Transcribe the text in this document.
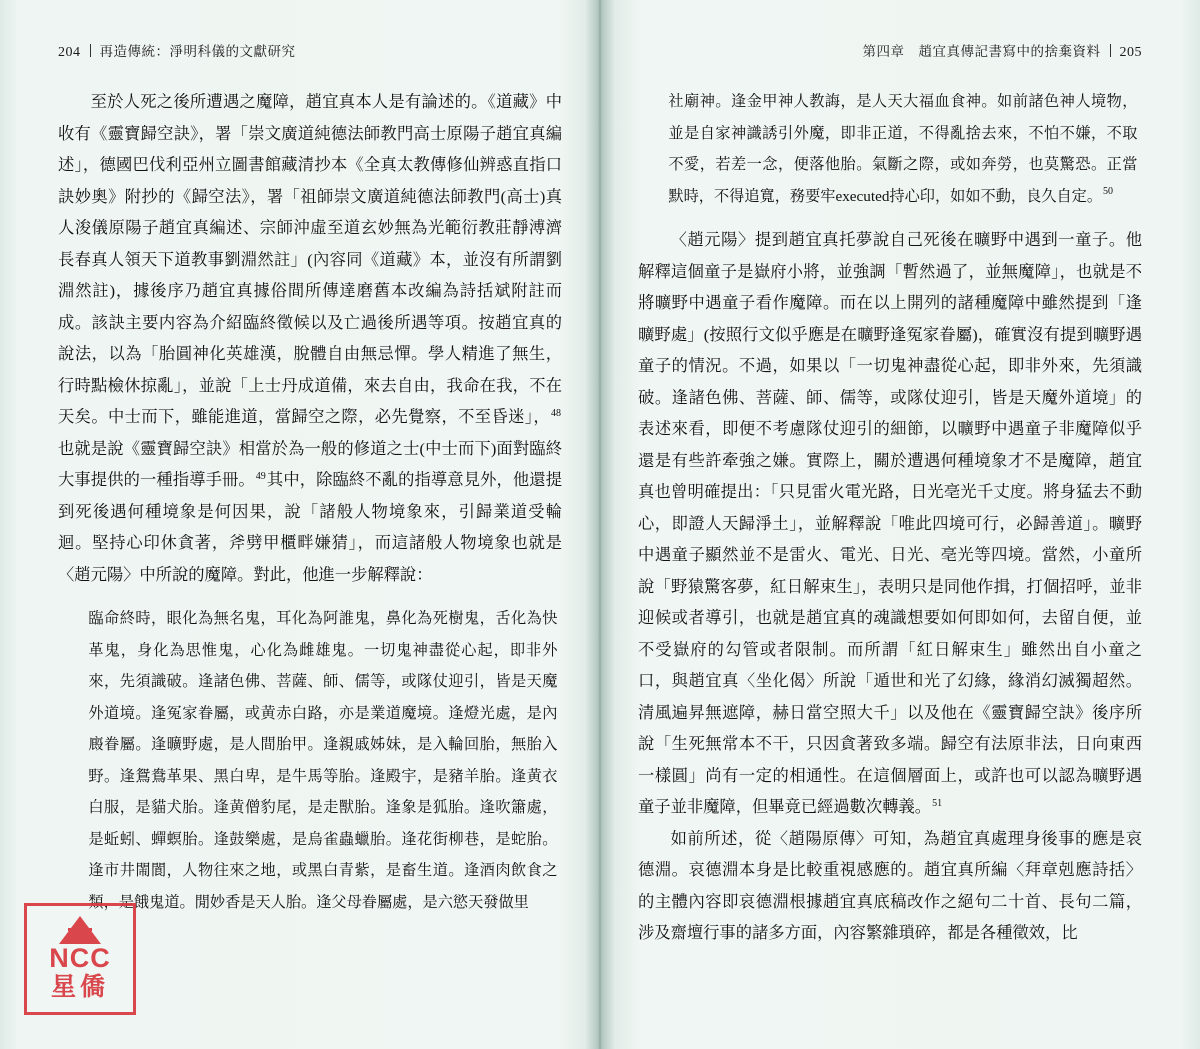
204 再造傳統：淨明科儀的文獻研究

至於人死之後所遭遇之魔障，趙宜真本人是有論述的。《道藏》中收有《靈寶歸空訣》，署「崇文廣道純德法師教門高士原陽子趙宜真編述」，德國巴伐利亞州立圖書館藏清抄本《全真太教傳修仙辨惑直指口訣妙奧》附抄的《歸空法》，署「祖師崇文廣道純德法師教門(高士)真人浚儀原陽子趙宜真編述、宗師沖虛至道玄妙無為光範衍教莊靜溥濟長春真人領天下道教事劉淵然註」(內容同《道藏》本，並沒有所謂劉淵然註)，據後序乃趙宜真據俗間所傳達磨舊本改編為詩括斌附註而成。該訣主要内容為介紹臨終徵候以及亡過後所遇等項。按趙宜真的說法，以為「胎圓神化英雄漢，脫體自由無忌憚。學人精進了無生，行時點檢休掠亂」，並說「上士丹成道備，來去自由，我命在我，不在天矣。中士而下，雖能進道，當歸空之際，必先覺察，不至昏迷」，$^{48}$也就是說《靈寶歸空訣》相當於為一般的修道之士(中士而下)面對臨終大事提供的一種指導手冊。$^{49}$其中，除臨終不亂的指導意見外，他還提到死後遇何種境象是何因果，說「諸般人物境象來，引歸業道受輪迴。堅持心印休貪著，斧劈甲櫃畔嫌猜」，而這諸般人物境象也就是〈趙元陽〉中所說的魔障。對此，他進一步解釋說：

臨命終時，眼化為無名鬼，耳化為阿誰鬼，鼻化為死樹鬼，舌化為快革鬼，身化為思惟鬼，心化為雌雄鬼。一切鬼神盡從心起，即非外來，先須識破。逢諸色佛、菩薩、師、儒等，或隊仗迎引，皆是天魔外道境。逢冤家眷屬，或黄赤白路，亦是業道魔境。逢燈光處，是內廄眷屬。逢曠野處，是人間胎甲。逢親戚姊妹，是入輪回胎，無胎入野。逢鴛鴦革果、黑白卑，是牛馬等胎。逢殿宇，是豬羊胎。逢黄衣白服，是貓犬胎。逢黄僧豹尾，是走獸胎。逢象是狐胎。逢吹簫處，是蚯蚓、蟬螟胎。逢鼓樂處，是烏雀蟲蠟胎。逢花街柳巷，是蛇胎。逢市井閙閬，人物往來之地，或黑白青紫，是畜生道。逢酒肉飲食之類，是餓鬼道。閒妙香是天人胎。逢父母眷屬處，是六慾天發做里

NCC
星僑
第四章 趙宜真傳記書寫中的捨棄資料 205

社廟神。逢金甲神人教誨，是人天大福血食神。如前諸色神人境物，並是自家神識誘引外魔，即非正道，不得亂捨去來，不怕不嫌，不取不愛，若差一念，便落他胎。氣斷之際，或如奔勞，也莫驚恐。正當默時，不得追寬，務要牢executed持心印，如如不動，良久自定。$^{50}$

〈趙元陽〉提到趙宜真托夢說自己死後在曠野中遇到一童子。他解釋這個童子是嶽府小將，並強調「暫然過了，並無魔障」，也就是不將曠野中遇童子看作魔障。而在以上開列的諸種魔障中雖然提到「逢曠野處」(按照行文似乎應是在曠野逢冤家眷屬)，確實沒有提到曠野遇童子的情況。不過，如果以「一切鬼神盡從心起，即非外來，先須識破。逢諸色佛、菩薩、師、儒等，或隊仗迎引，皆是天魔外道境」的表述來看，即便不考慮隊仗迎引的細節，以曠野中遇童子非魔障似乎還是有些許牽強之嫌。實際上，關於遭遇何種境象才不是魔障，趙宜真也曾明確提出：「只見雷火電光路，日光亳光千丈度。將身猛去不動心，即證人天歸淨土」，並解釋說「唯此四境可行，必歸善道」。曠野中遇童子顯然並不是雷火、電光、日光、亳光等四境。當然，小童所說「野猿驚客夢，紅日解束生」，表明只是同他作揖，打個招呼，並非迎候或者導引，也就是趙宜真的魂識想要如何即如何，去留自便，並不受嶽府的勾管或者限制。而所謂「紅日解束生」雖然出自小童之口，與趙宜真〈坐化偈〉所說「遁世和光了幻緣，緣消幻滅獨超然。清風遍昇無遮障，赫日當空照大千」以及他在《靈寶歸空訣》後序所說「生死無常本不干，只因貪著致多端。歸空有法原非法，日向東西一樣圓」尚有一定的相通性。在這個層面上，或許也可以認為曠野遇童子並非魔障，但畢竟已經過數次轉義。$^{51}$

如前所述，從〈趙陽原傳〉可知，為趙宜真處理身後事的應是哀德淵。哀德淵本身是比較重視感應的。趙宜真所編〈拜章剋應詩括〉的主體內容即哀德淵根據趙宜真底稿改作之絕句二十首、長句二篇，涉及齋壇行事的諸多方面，內容繁雜瑣碎，都是各種徵效，比
